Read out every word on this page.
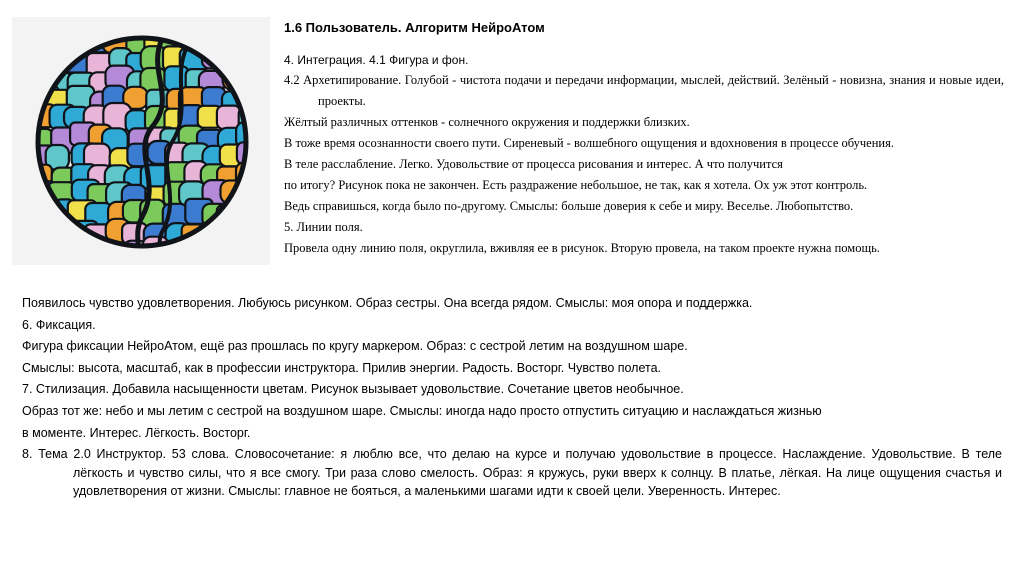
1.6 Пользователь. Алгоритм НейроАтом
4. Интеграция. 4.1 Фигура и фон.

4.2 Архетипирование. Голубой - чистота подачи и передачи информации, мыслей, действий. Зелёный - новизна, знания и новые идеи, проекты.

Жёлтый различных оттенков - солнечного окружения и поддержки близких.

В тоже время осознанности своего пути. Сиреневый - волшебного ощущения и вдохновения в процессе обучения.

В теле расслабление. Легко. Удовольствие от процесса рисования и интерес. А что получится

по итогу? Рисунок пока не закончен. Есть раздражение небольшое, не так, как я хотела. Ох уж этот контроль.

Ведь справишься, когда было по-другому. Смыслы: больше доверия к себе и миру. Веселье. Любопытство.

5. Линии поля.

Провела одну линию поля, округлила, вживляя ее в рисунок. Вторую провела, на таком проекте нужна помощь.

Появилось чувство удовлетворения. Любуюсь рисунком. Образ сестры. Она всегда рядом. Смыслы: моя опора и поддержка.

6. Фиксация.

Фигура фиксации НейроАтом, ещё раз прошлась по кругу маркером. Образ: с сестрой летим на воздушном шаре.

Смыслы: высота, масштаб, как в профессии инструктора. Прилив энергии. Радость. Восторг. Чувство полета.

7. Стилизация. Добавила насыщенности цветам. Рисунок вызывает удовольствие. Сочетание цветов необычное.

Образ тот же: небо и мы летим с сестрой на воздушном шаре. Смыслы: иногда надо просто отпустить ситуацию и наслаждаться жизнью

в моменте. Интерес. Лёгкость. Восторг.

8. Тема 2.0 Инструктор. 53 слова. Словосочетание: я люблю все, что делаю на курсе и получаю удовольствие в процессе. Наслаждение. Удовольствие. В теле лёгкость и чувство силы, что я все смогу. Три раза слово смелость. Образ: я кружусь, руки вверх к солнцу. В платье, лёгкая. На лице ощущения счастья и удовлетворения от жизни. Смыслы: главное не бояться, а маленькими шагами идти к своей цели. Уверенность. Интерес.
